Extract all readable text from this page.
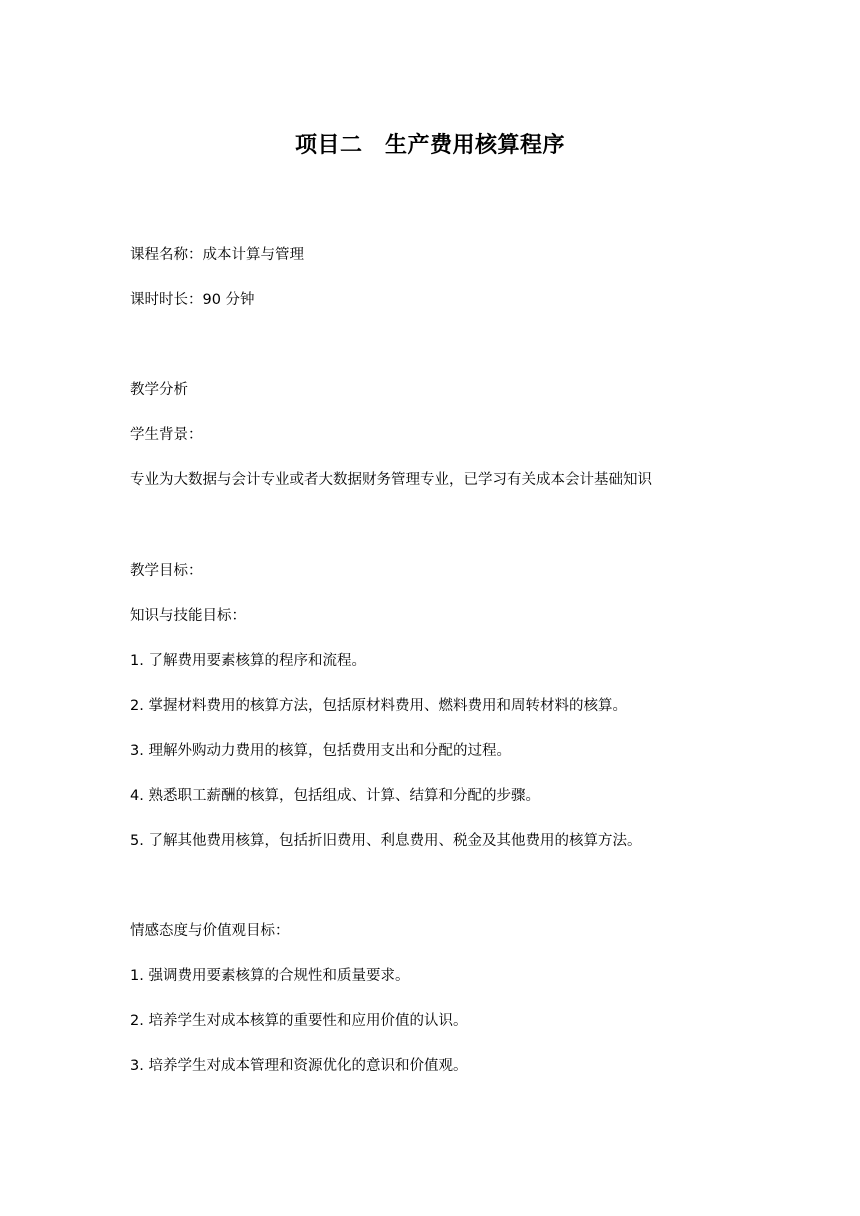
项目二　生产费用核算程序
课程名称：成本计算与管理
课时时长：90 分钟
教学分析
学生背景：
专业为大数据与会计专业或者大数据财务管理专业，已学习有关成本会计基础知识
教学目标：
知识与技能目标：
1. 了解费用要素核算的程序和流程。
2. 掌握材料费用的核算方法，包括原材料费用、燃料费用和周转材料的核算。
3. 理解外购动力费用的核算，包括费用支出和分配的过程。
4. 熟悉职工薪酬的核算，包括组成、计算、结算和分配的步骤。
5. 了解其他费用核算，包括折旧费用、利息费用、税金及其他费用的核算方法。
情感态度与价值观目标：
1. 强调费用要素核算的合规性和质量要求。
2. 培养学生对成本核算的重要性和应用价值的认识。
3. 培养学生对成本管理和资源优化的意识和价值观。
